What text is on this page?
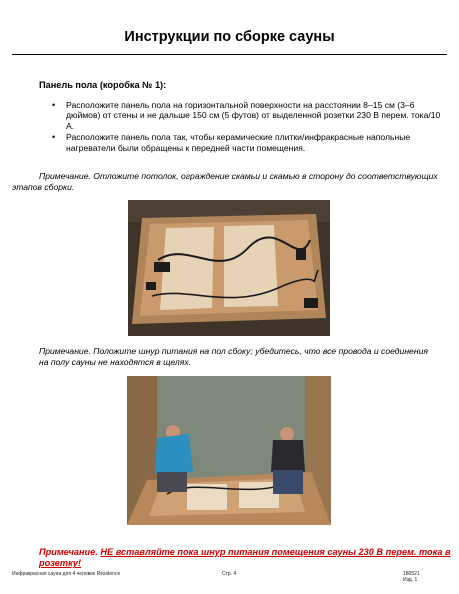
Инструкции по сборке сауны
Панель пола (коробка № 1):
• Расположите панель пола на горизонтальной поверхности на расстоянии 8–15 см (3–6 дюймов) от стены и не дальше 150 см (5 футов) от выделенной розетки 230 В перем. тока/10 А.
• Расположите панель пола так, чтобы керамические плитки/инфракрасные напольные нагреватели были обращены к передней части помещения.

Примечание. Отложите потолок, ограждение скамьи и скамью в сторону до соответствующих этапов сборки.

Примечание. Положите шнур питания на пол сбоку; убедитесь, что все провода и соединения на полу сауны не находятся в щелях.

Примечание. НЕ вставляйте пока шнур питания помещения сауны 230 В перем. тока в розетку!
Инфракрасная сауна для 4 человек Residence	Стр. 4	180521
Изд. 1
